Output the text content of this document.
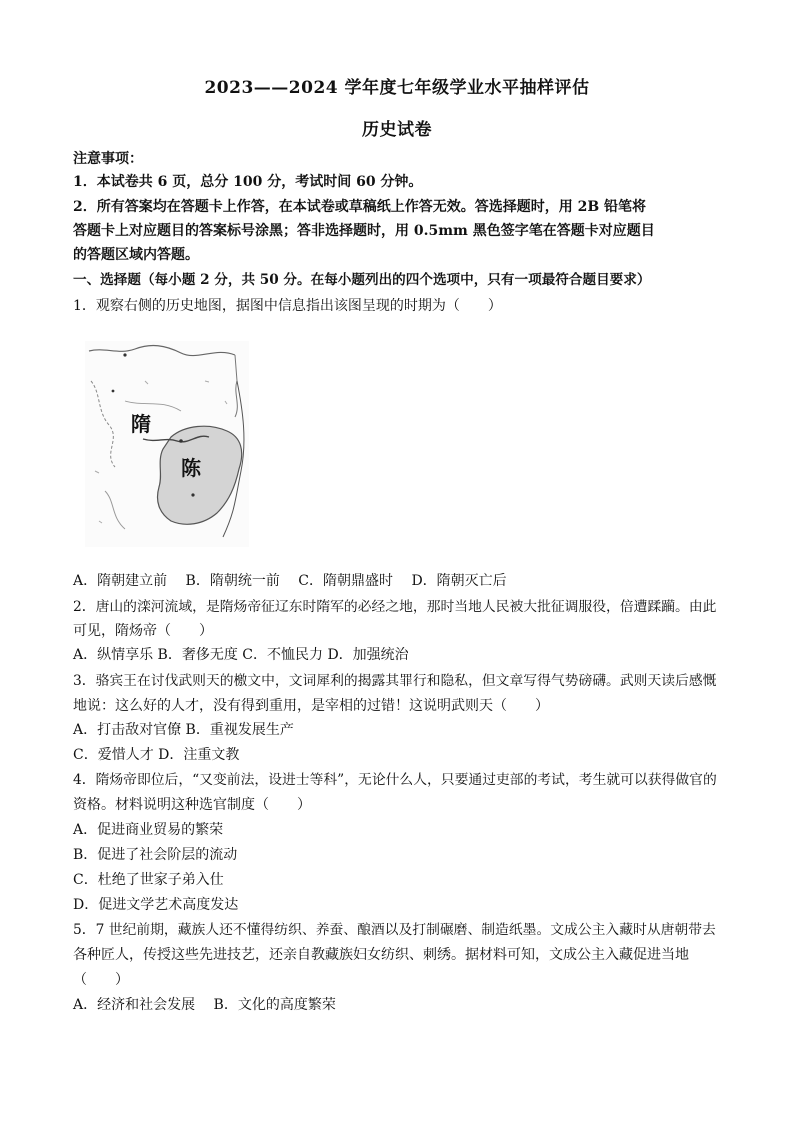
2023——2024 学年度七年级学业水平抽样评估
历史试卷
注意事项：
1．本试卷共 6 页，总分 100 分，考试时间 60 分钟。
2．所有答案均在答题卡上作答，在本试卷或草稿纸上作答无效。答选择题时，用 2B 铅笔将
答题卡上对应题目的答案标号涂黑；答非选择题时，用 0.5mm 黑色签字笔在答题卡对应题目
的答题区域内答题。
一、选择题（每小题 2 分，共 50 分。在每小题列出的四个选项中，只有一项最符合题目要求）
1．观察右侧的历史地图，据图中信息指出该图呈现的时期为（　　）
隋
陈
A．隋朝建立前　 B．隋朝统一前　 C．隋朝鼎盛时　 D．隋朝灭亡后
2．唐山的滦河流域，是隋炀帝征辽东时隋军的必经之地，那时当地人民被大批征调服役，倍遭蹂躏。由此
可见，隋炀帝（　　）
A．纵情享乐 B．奢侈无度 C．不恤民力 D．加强统治
3．骆宾王在讨伐武则天的檄文中，文词犀利的揭露其罪行和隐私，但文章写得气势磅礴。武则天读后感慨
地说：这么好的人才，没有得到重用，是宰相的过错！这说明武则天（　　）
A．打击敌对官僚 B．重视发展生产
C．爱惜人才 D．注重文教
4．隋炀帝即位后，“又变前法，设进士等科”，无论什么人，只要通过吏部的考试，考生就可以获得做官的
资格。材料说明这种选官制度（　　）
A．促进商业贸易的繁荣
B．促进了社会阶层的流动
C．杜绝了世家子弟入仕
D．促进文学艺术高度发达
5．7 世纪前期，藏族人还不懂得纺织、养蚕、酿酒以及打制碾磨、制造纸墨。文成公主入藏时从唐朝带去
各种匠人，传授这些先进技艺，还亲自教藏族妇女纺织、刺绣。据材料可知，文成公主入藏促进当地
（　　）
A．经济和社会发展　 B．文化的高度繁荣
